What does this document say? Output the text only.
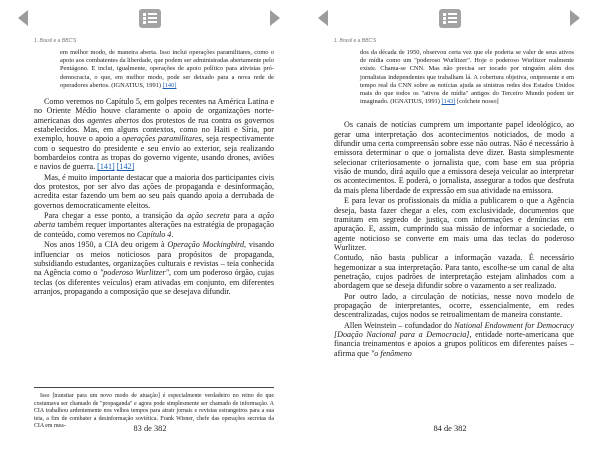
1. Brasil e a BBC'S

em melhor modo, de maneira aberta. Isso inclui operações paramilitares, como o apoio aos combatentes da liberdade, que podem ser administradas abertamente pelo Pentágono. E inclui, igualmente, operações de apoio político para ativistas pró-democracia, o que, em melhor modo, pode ser deixado para a nova rede de operadores abertos. (IGNATIUS, 1991) [140]

Como veremos no Capítulo 5, em golpes recentes na América Latina e no Oriente Médio houve claramente o apoio de organizações norte-americanas dos agentes abertos dos protestos de rua contra os governos estabelecidos. Mas, em alguns contextos, como no Haiti e Síria, por exemplo, houve o apoio a operações paramilitares, seja respectivamente com o sequestro do presidente e seu envio ao exterior, seja realizando bombardeios contra as tropas do governo vigente, usando drones, aviões e navios de guerra. [141] [142]

Mas, é muito importante destacar que a maioria dos participantes civis dos protestos, por ser alvo das ações de propaganda e desinformação, acredita estar fazendo um bem ao seu país quando apoia a derrubada de governos democraticamente eleitos.

Para chegar a esse ponto, a transição da ação secreta para a ação aberta também requer importantes alterações na estratégia de propagação de conteúdo, como veremos no Capítulo 4.

Nos anos 1950, a CIA deu origem à Operação Mockingbird, visando influenciar os meios noticiosos para propósitos de propaganda, subsidiando estudantes, organizações culturais e revistas – teia conhecida na Agência como o "poderoso Wurlitzer", com um poderoso órgão, cujas teclas (os diferentes veículos) eram ativadas em conjunto, em diferentes arranjos, propagando a composição que se desejava difundir.

Isso [transitar para um novo modo de atuação] é especialmente verdadeiro no reino do que costumava ser chamado de "propaganda" e agora pode simplesmente ser chamado de informação. A CIA trabalhou ardentemente nos velhos tempos para atrair jornais e revistas estrangeiros para a sua teia, a fim de combater a desinformação soviética. Frank Wisner, chefe das operações secretas da CIA em mea-	83 de 382
1. Brasil e a BBC'S

dos da década de 1950, observou certa vez que ele poderia se valer de seus ativos de mídia como um "poderoso Wurlitzer". Hoje o poderoso Wurlitzer realmente existe. Chama-se CNN. Mas não precisa ser tocado por ninguém além dos jornalistas independentes que trabalham lá. A cobertura objetiva, onipresente e em tempo real da CNN sobre as notícias ajuda as sinistras redes dos Estados Unidos mais do que todos os "ativos de mídia" antigos do Terceiro Mundo podem ter imaginado. (IGNATIUS, 1991) [143] [colchete nosso]

Os canais de notícias cumprem um importante papel ideológico, ao gerar uma interpretação dos acontecimentos noticiados, de modo a difundir uma certa compreensão sobre esse não outras. Não é necessário à emissora determinar o que o jornalista deve dizer. Basta simplesmente selecionar criteriosamente o jornalista que, com base em sua própria visão de mundo, dirá aquilo que a emissora deseja veicular ao interpretar os acontecimentos. E poderá, o jornalista, assegurar a todos que desfruta da mais plena liberdade de expressão em sua atividade na emissora.

E para levar os profissionais da mídia a publicarem o que a Agência deseja, basta fazer chegar a eles, com exclusividade, documentos que tramitam em segredo de justiça, com informações e denúncias em apuração. E, assim, cumprindo sua missão de informar a sociedade, o agente noticioso se converte em mais uma das teclas do poderoso Wurlitzer.

Contudo, não basta publicar a informação vazada. É necessário hegemonizar a sua interpretação. Para tanto, escolhe-se um canal de alta penetração, cujos padrões de interpretação estejam alinhados com a abordagem que se deseja difundir sobre o vazamento a ser realizado.

Por outro lado, a circulação de notícias, nesse novo modelo de propagação de interpretantes, ocorre, essencialmente, em redes descentralizadas, cujos nodos se retroalimentam de maneira constante.

Allen Weinstein – cofundador do National Endowment for Democracy [Doação Nacional para a Democracia], entidade norte-americana que financia treinamentos e apoios a grupos políticos em diferentes países – afirma que "o fenômeno

84 de 382
